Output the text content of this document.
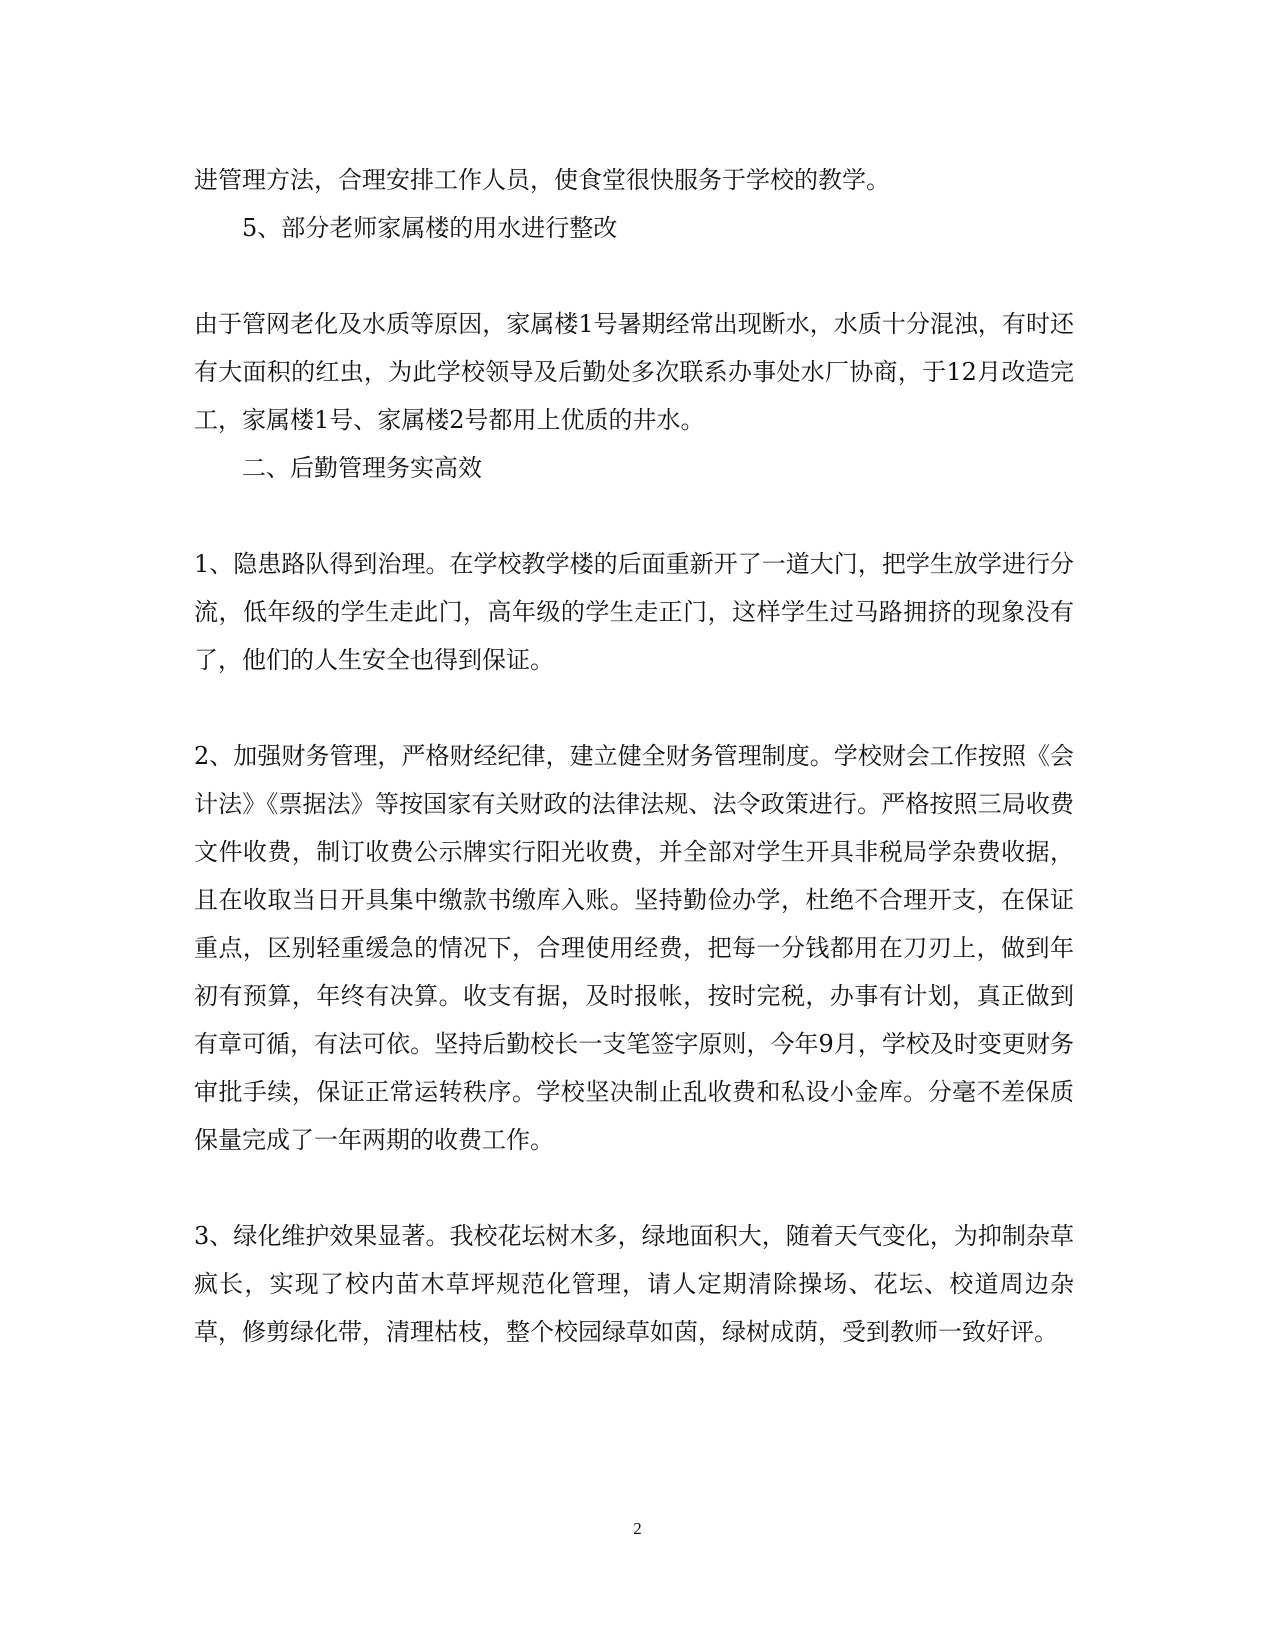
进管理方法，合理安排工作人员，使食堂很快服务于学校的教学。

5、部分老师家属楼的用水进行整改

由于管网老化及水质等原因，家属楼1号暑期经常出现断水，水质十分混浊，有时还有大面积的红虫，为此学校领导及后勤处多次联系办事处水厂协商，于12月改造完工，家属楼1号、家属楼2号都用上优质的井水。

二、后勤管理务实高效

1、隐患路队得到治理。在学校教学楼的后面重新开了一道大门，把学生放学进行分流，低年级的学生走此门，高年级的学生走正门，这样学生过马路拥挤的现象没有了，他们的人生安全也得到保证。

2、加强财务管理，严格财经纪律，建立健全财务管理制度。学校财会工作按照《会计法》《票据法》等按国家有关财政的法律法规、法令政策进行。严格按照三局收费文件收费，制订收费公示牌实行阳光收费，并全部对学生开具非税局学杂费收据，且在收取当日开具集中缴款书缴库入账。坚持勤俭办学，杜绝不合理开支，在保证重点，区别轻重缓急的情况下，合理使用经费，把每一分钱都用在刀刃上，做到年初有预算，年终有决算。收支有据，及时报帐，按时完税，办事有计划，真正做到有章可循，有法可依。坚持后勤校长一支笔签字原则，今年9月，学校及时变更财务审批手续，保证正常运转秩序。学校坚决制止乱收费和私设小金库。分毫不差保质保量完成了一年两期的收费工作。

3、绿化维护效果显著。我校花坛树木多，绿地面积大，随着天气变化，为抑制杂草疯长，实现了校内苗木草坪规范化管理，请人定期清除操场、花坛、校道周边杂草，修剪绿化带，清理枯枝，整个校园绿草如茵，绿树成荫，受到教师一致好评。

2
